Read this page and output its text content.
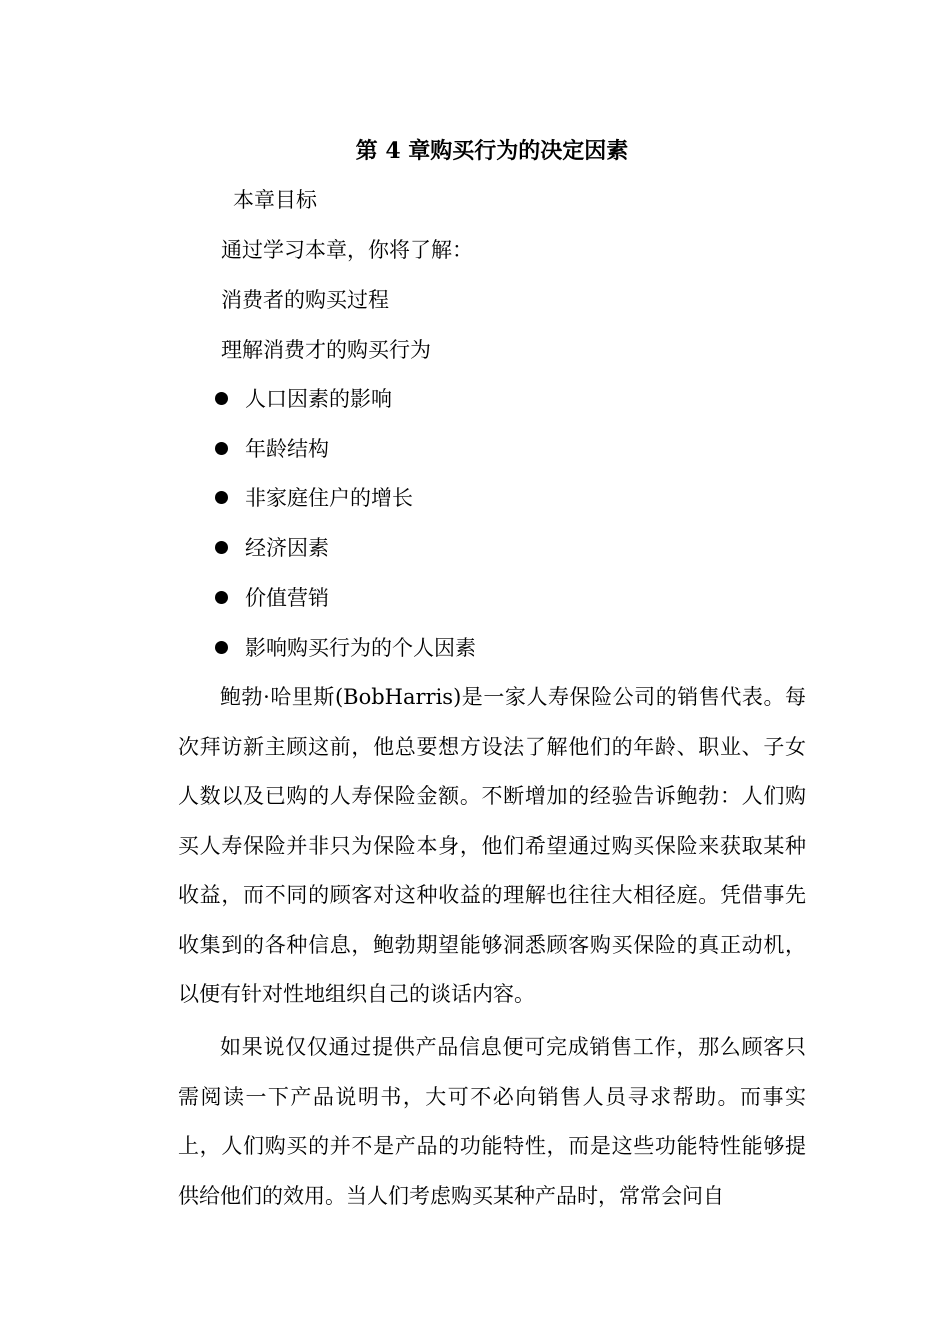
第 4 章购买行为的决定因素
本章目标
通过学习本章，你将了解：
消费者的购买过程
理解消费才的购买行为
人口因素的影响
年龄结构
非家庭住户的增长
经济因素
价值营销
影响购买行为的个人因素

鲍勃·哈里斯(BobHarris)是一家人寿保险公司的销售代表。每次拜访新主顾这前，他总要想方设法了解他们的年龄、职业、子女人数以及已购的人寿保险金额。不断增加的经验告诉鲍勃：人们购买人寿保险并非只为保险本身，他们希望通过购买保险来获取某种收益，而不同的顾客对这种收益的理解也往往大相径庭。凭借事先收集到的各种信息，鲍勃期望能够洞悉顾客购买保险的真正动机，以便有针对性地组织自己的谈话内容。

如果说仅仅通过提供产品信息便可完成销售工作，那么顾客只需阅读一下产品说明书，大可不必向销售人员寻求帮助。而事实上，人们购买的并不是产品的功能特性，而是这些功能特性能够提供给他们的效用。当人们考虑购买某种产品时，常常会问自
